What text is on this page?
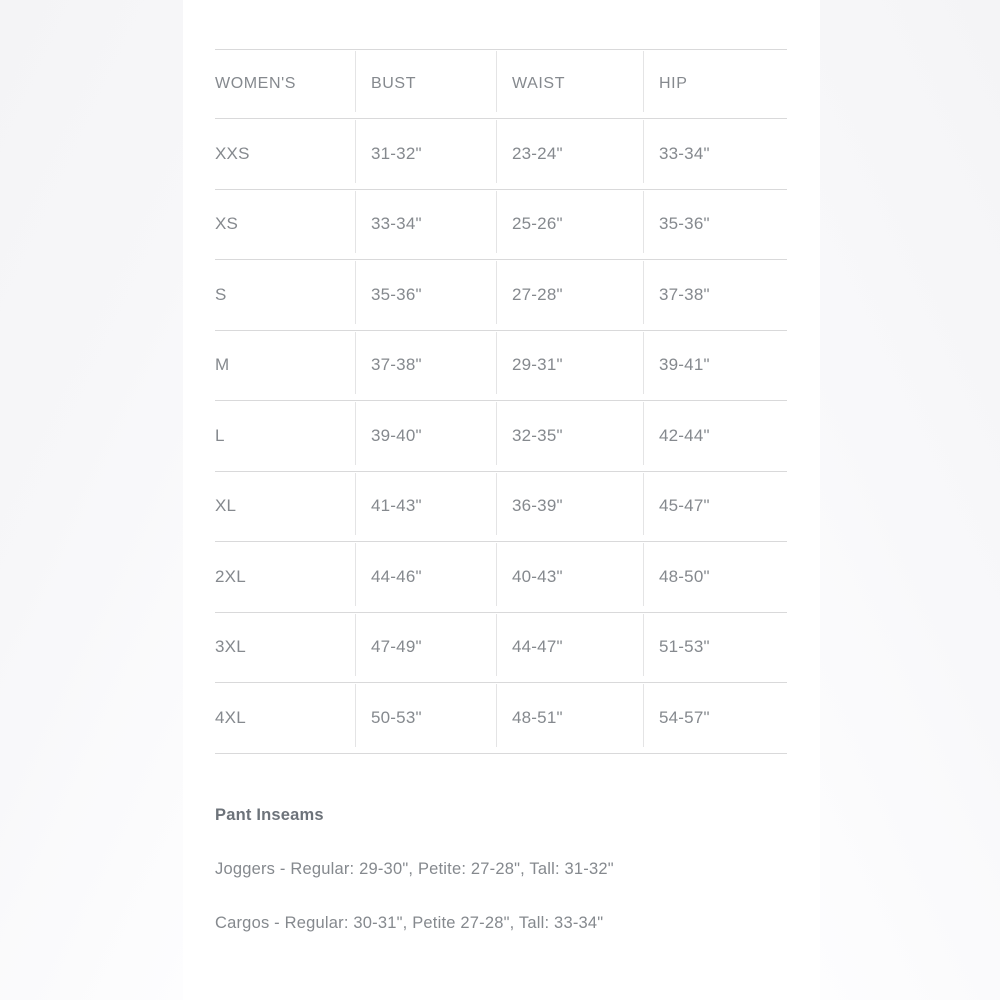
WOMEN'S	BUST	WAIST	HIP
XXS	31-32"	23-24"	33-34"
XS	33-34"	25-26"	35-36"
S	35-36"	27-28"	37-38"
M	37-38"	29-31"	39-41"
L	39-40"	32-35"	42-44"
XL	41-43"	36-39"	45-47"
2XL	44-46"	40-43"	48-50"
3XL	47-49"	44-47"	51-53"
4XL	50-53"	48-51"	54-57"
Pant Inseams
Joggers - Regular: 29-30", Petite: 27-28", Tall: 31-32"
Cargos - Regular: 30-31", Petite 27-28", Tall: 33-34"
